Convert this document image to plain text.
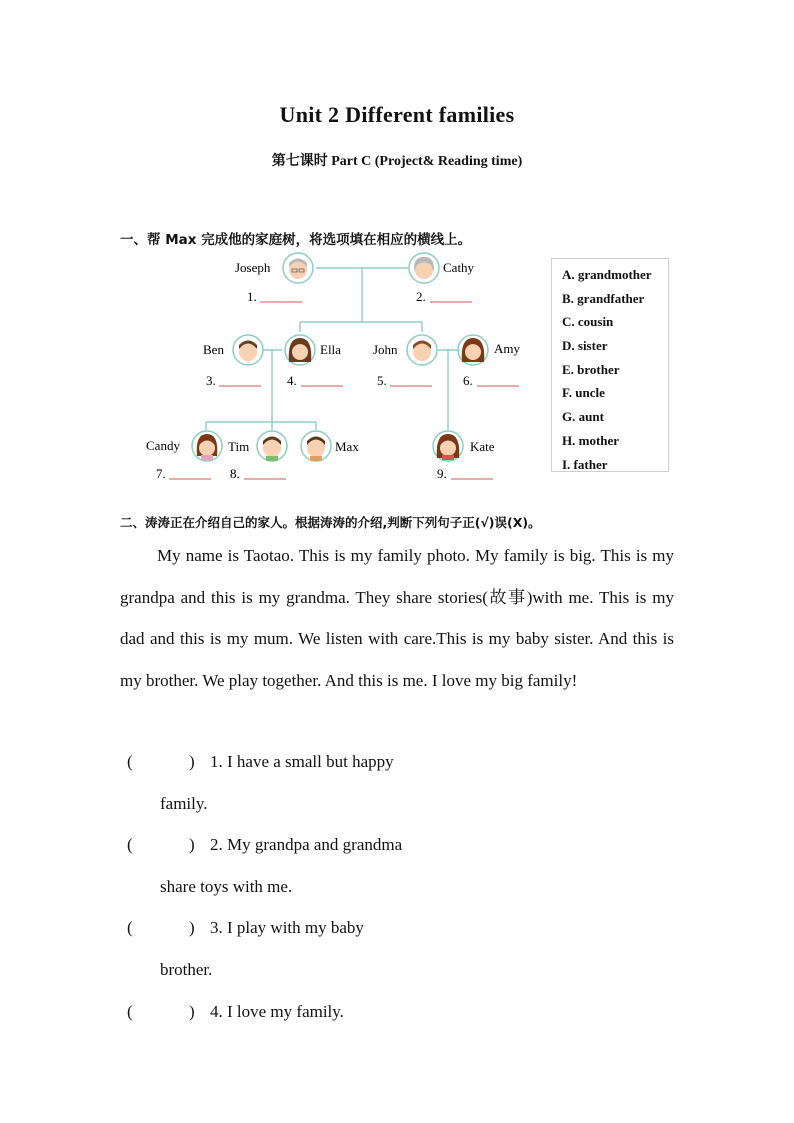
Unit 2 Different families
第七课时 Part C (Project& Reading time)
一、帮 Max 完成他的家庭树，将选项填在相应的横线上。
Joseph
1.
Cathy
2.
Ben
3.
Ella
4.
John
5.
Amy
6.
Candy
7.
Tim
8.
Max	Kate
9.
A. grandmother
B. grandfather
C. cousin
D. sister
E. brother
F. uncle
G. aunt
H. mother
I. father
二、涛涛正在介绍自己的家人。根据涛涛的介绍,判断下列句子正(√)误(X)。

My name is Taotao. This is my family photo. My family is big. This is my grandpa and this is my grandma. They share stories(故事)with me. This is my dad and this is my mum. We listen with care.This is my baby sister. And this is my brother. We play together. And this is me. I love my big family!

(	) 1. I have a small but happy
family.
(	) 2. My grandpa and grandma
share toys with me.
(	) 3. I play with my baby
brother.
(	) 4. I love my family.
